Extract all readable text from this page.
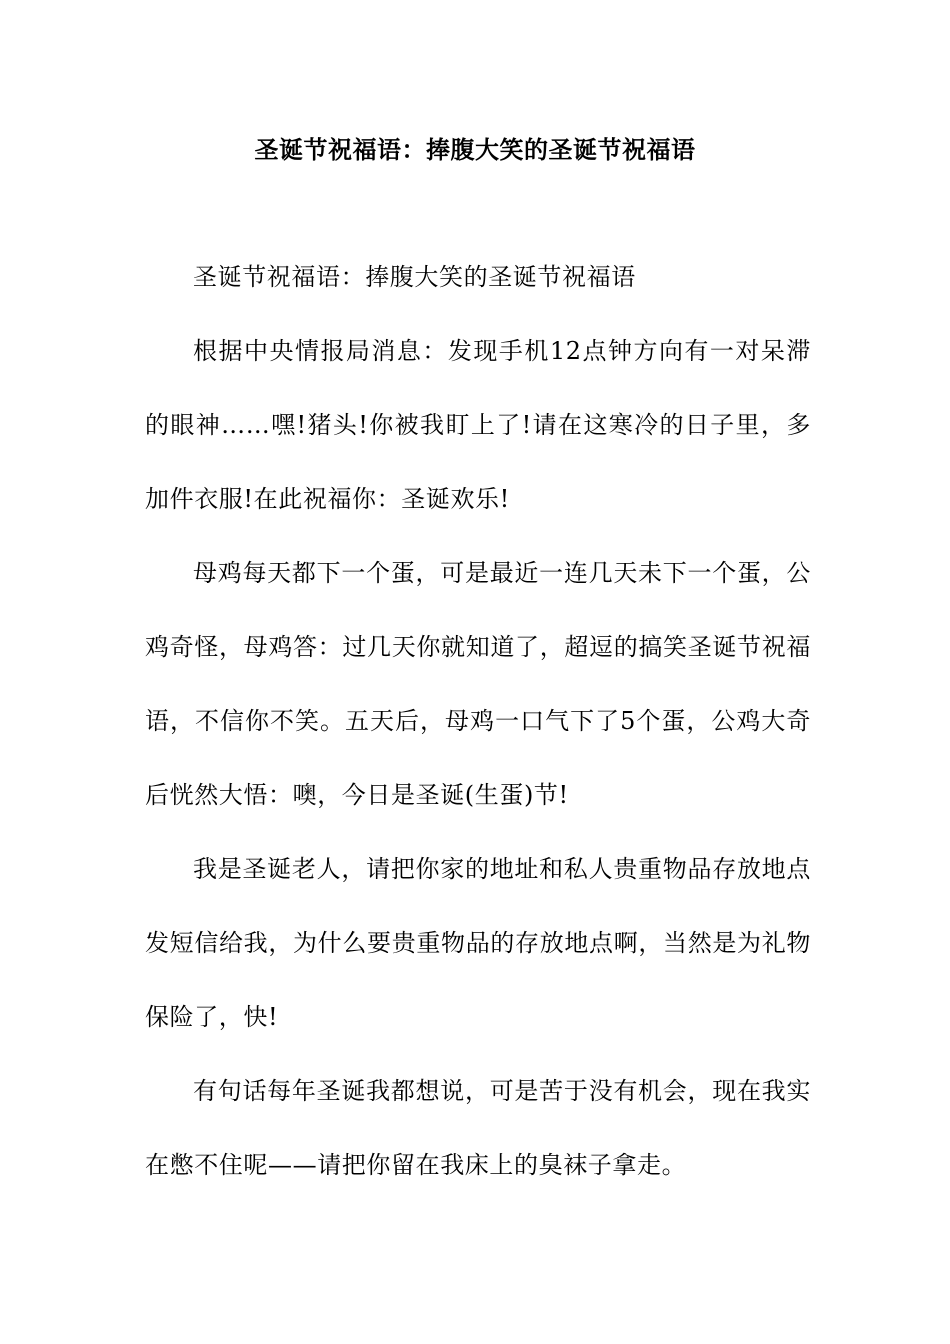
圣诞节祝福语：捧腹大笑的圣诞节祝福语

圣诞节祝福语：捧腹大笑的圣诞节祝福语

根据中央情报局消息：发现手机12点钟方向有一对呆滞的眼神……嘿!猪头!你被我盯上了!请在这寒冷的日子里，多加件衣服!在此祝福你：圣诞欢乐!

母鸡每天都下一个蛋，可是最近一连几天未下一个蛋，公鸡奇怪，母鸡答：过几天你就知道了，超逗的搞笑圣诞节祝福语，不信你不笑。五天后，母鸡一口气下了5个蛋，公鸡大奇后恍然大悟：噢，今日是圣诞(生蛋)节!

我是圣诞老人，请把你家的地址和私人贵重物品存放地点发短信给我，为什么要贵重物品的存放地点啊，当然是为礼物保险了，快!

有句话每年圣诞我都想说，可是苦于没有机会，现在我实在憋不住呢——请把你留在我床上的臭袜子拿走。
